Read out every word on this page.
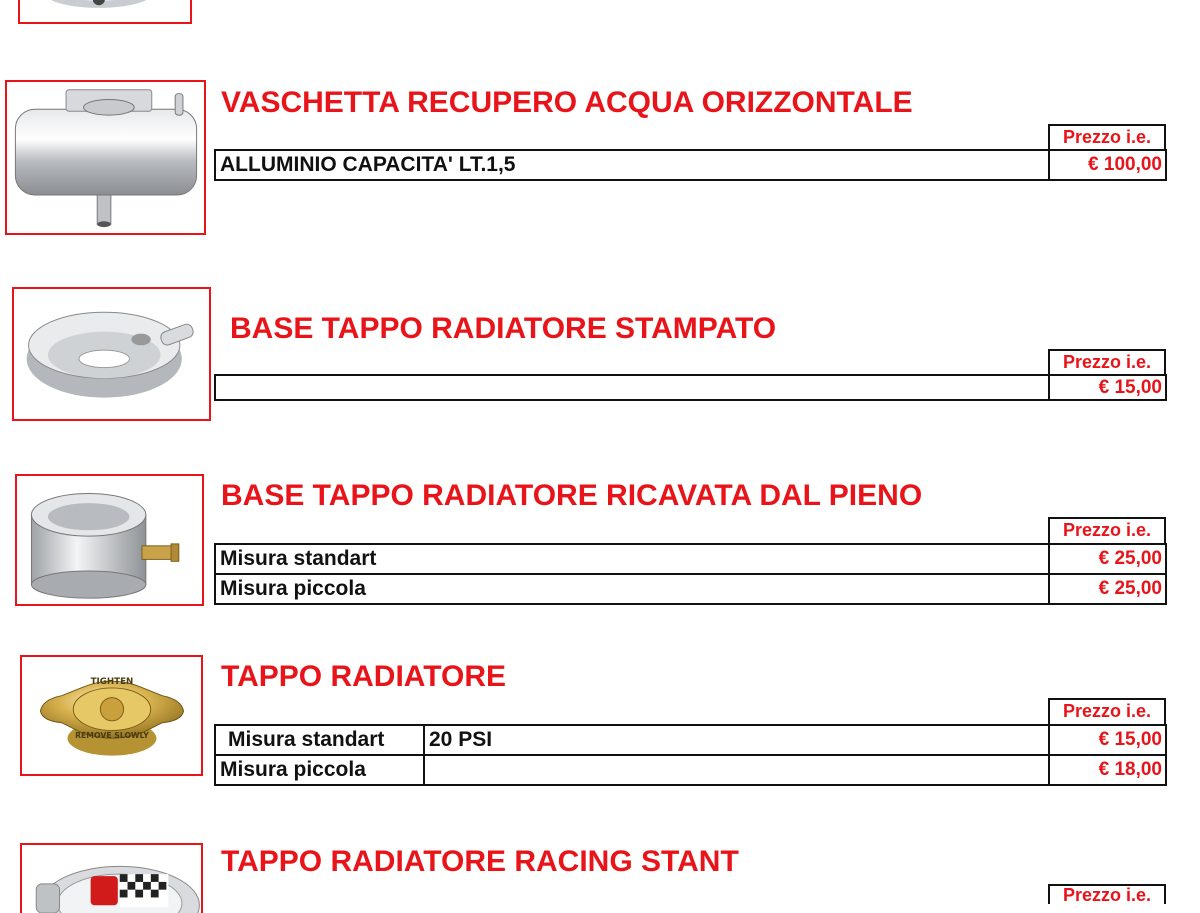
VASCHETTA RECUPERO ACQUA ORIZZONTALE
Prezzo i.e.
ALLUMINIO CAPACITA' LT.1,5	€ 100,00
BASE TAPPO RADIATORE STAMPATO
Prezzo i.e.
€ 15,00
BASE TAPPO RADIATORE RICAVATA DAL PIENO
Prezzo i.e.
Misura standart	€ 25,00
Misura piccola	€ 25,00
TIGHTEN
REMOVE SLOWLY
TAPPO RADIATORE
Prezzo i.e.
Misura standart 20 PSI	€ 15,00
Misura piccola	€ 18,00
TAPPO RADIATORE RACING STANT
Prezzo i.e.
